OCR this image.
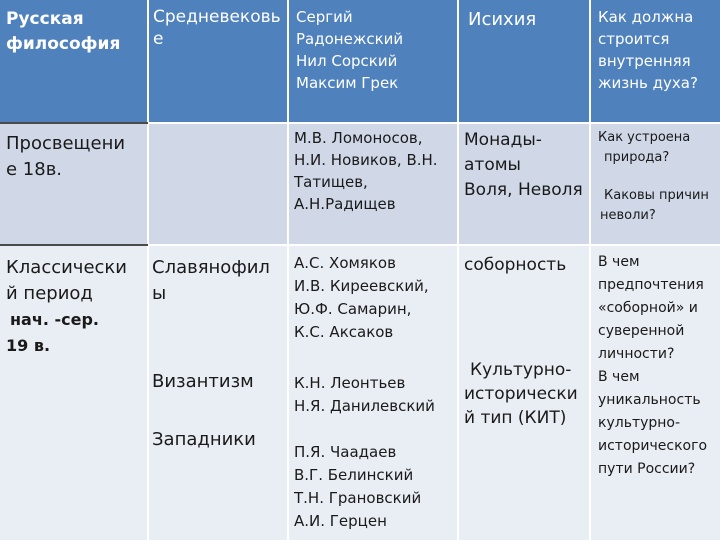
Русская
философия
Средневековь
е
Сергий
Радонежский
Нил Сорский
Максим Грек
Исихия	Как должна
строится
внутренняя
жизнь духа?
Просвещени
е 18в.
М.В. Ломоносов,
Н.И. Новиков, В.Н.
Татищев,
А.Н.Радищев
Монады-
атомы
Воля, Неволя
Как устроена
природа?
Каковы причин
неволи?
Классически
й период
нач. -сер.
19 в.
Славянофил
ы
Византизм
Западники
А.С. Хомяков
И.В. Киреевский,
Ю.Ф. Самарин,
К.С. Аксаков
К.Н. Леонтьев
Н.Я. Данилевский
П.Я. Чаадаев
В.Г. Белинский
Т.Н. Грановский
А.И. Герцен
соборность
Культурно-
исторически
й тип (КИТ)
В чем
предпочтения
«соборной» и
суверенной
личности?
В чем
уникальность
культурно-
исторического
пути России?
